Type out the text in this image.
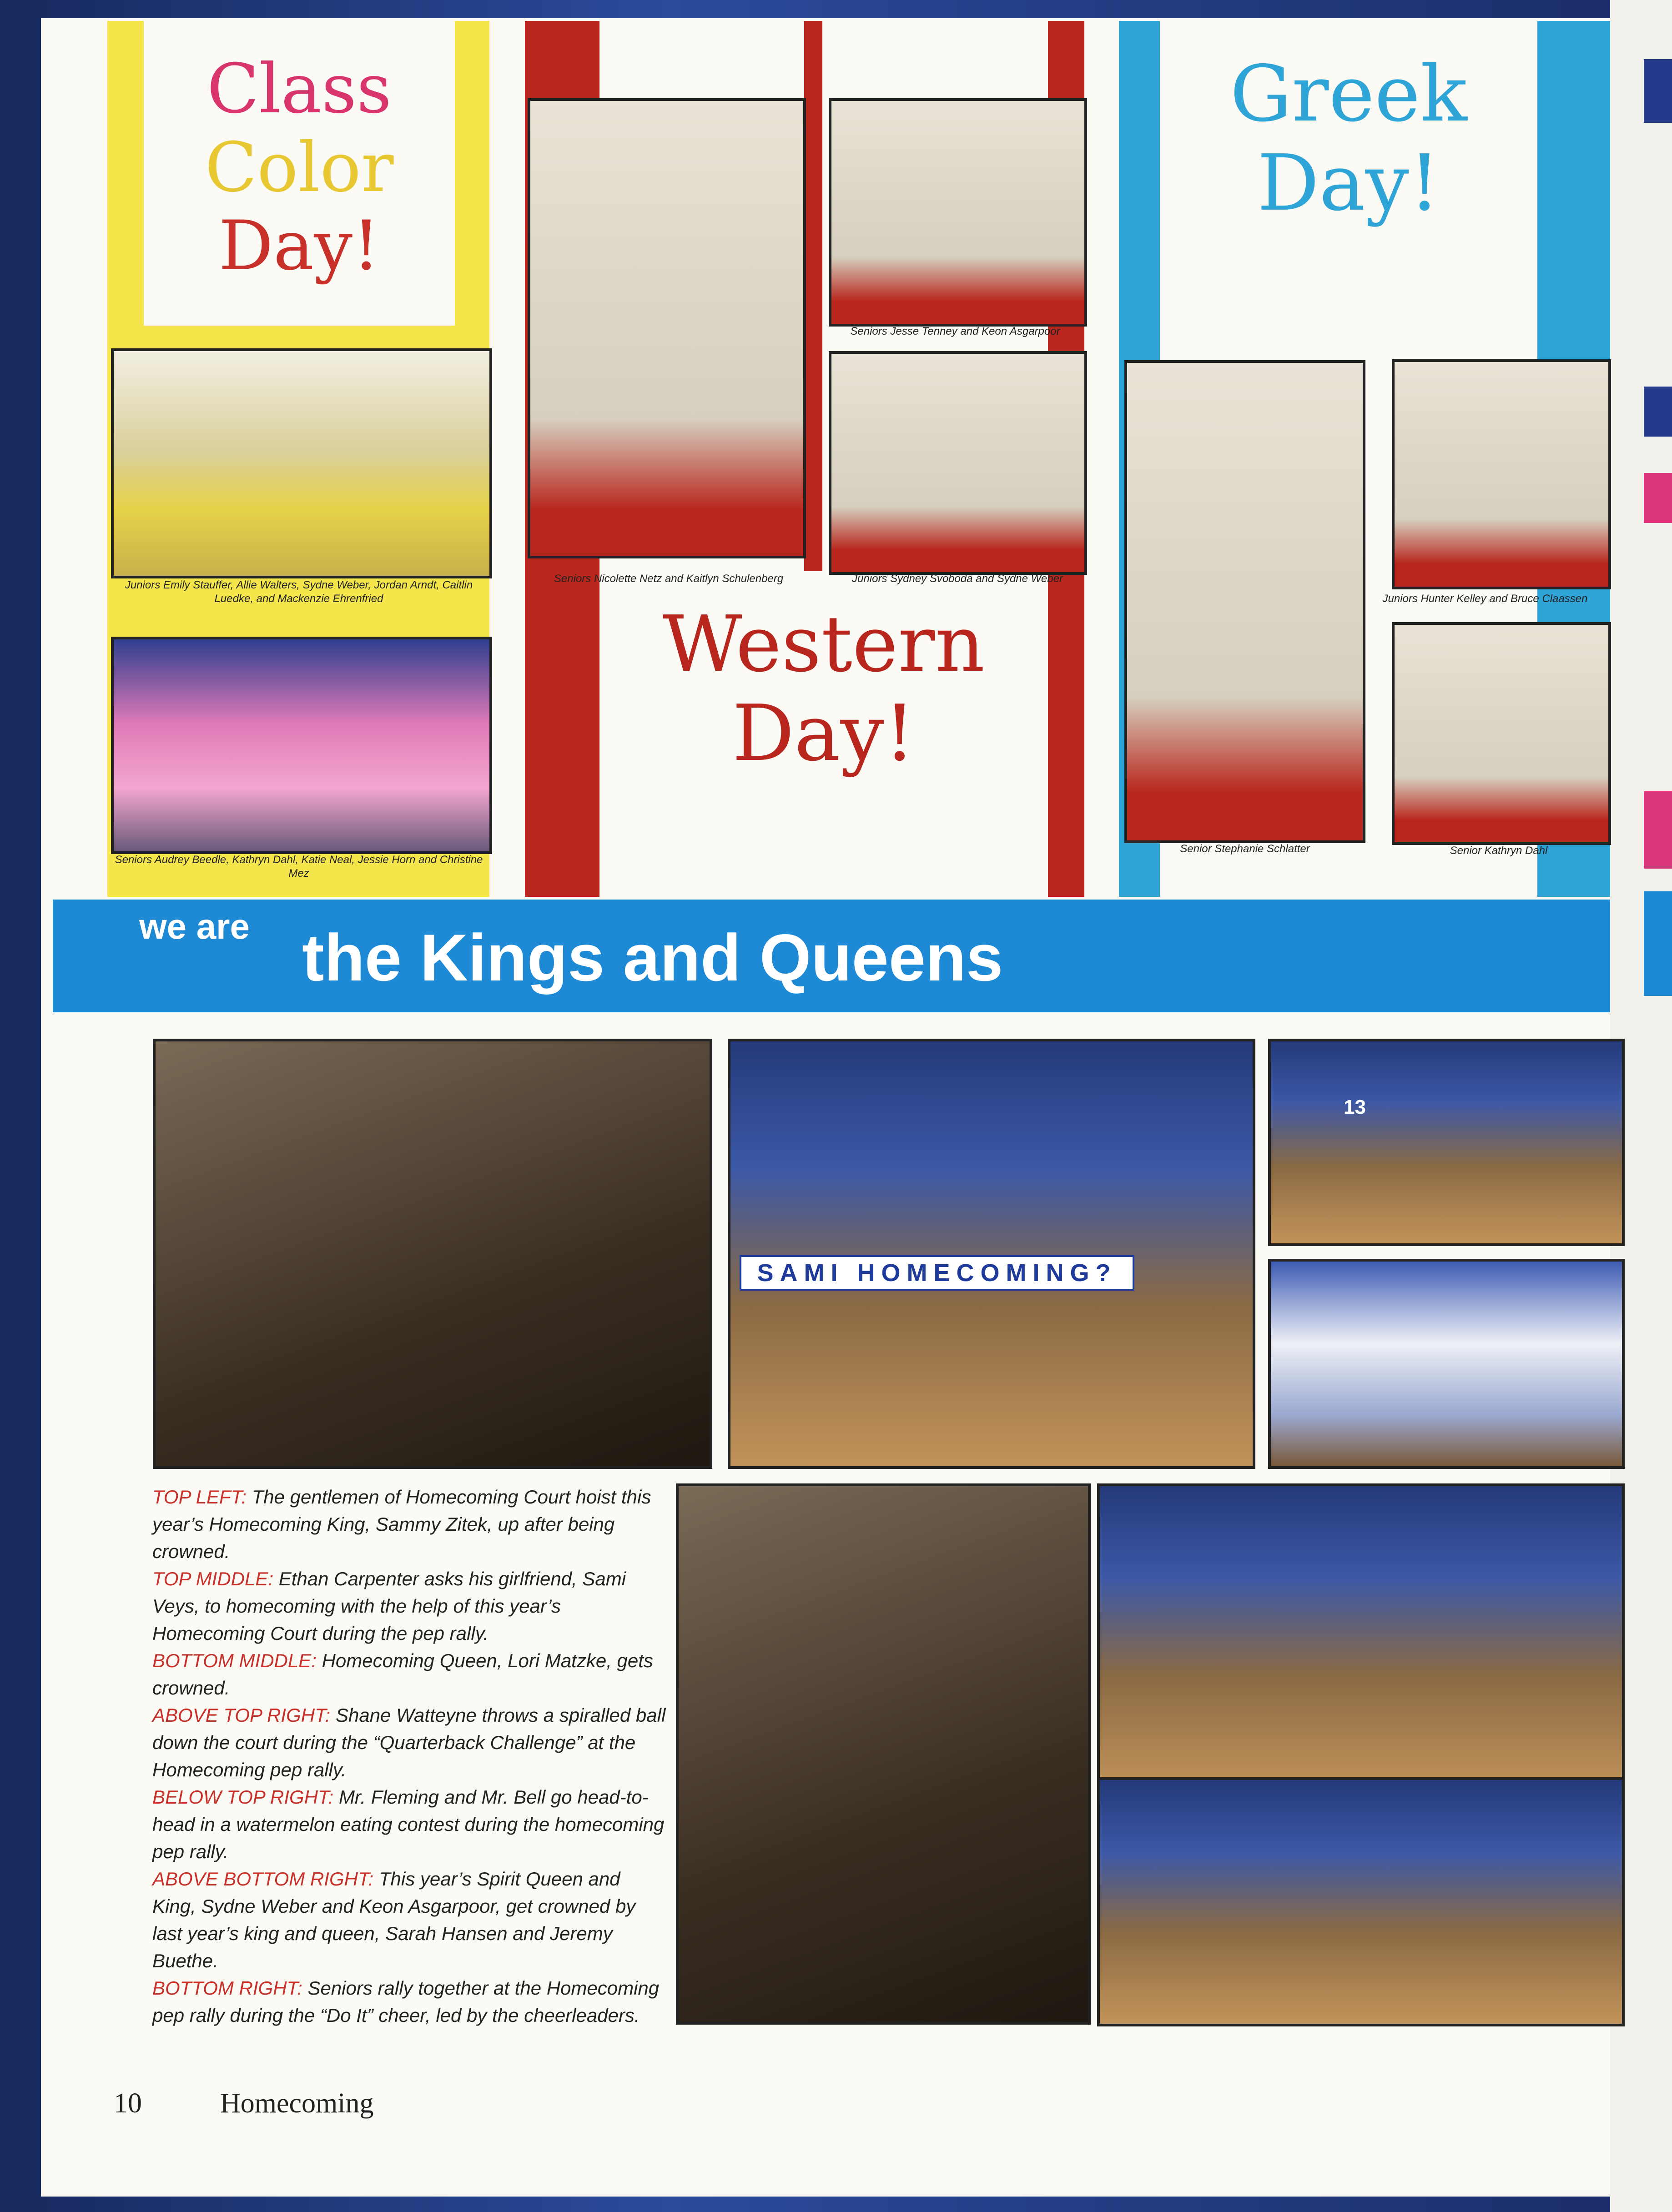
Class
Color
Day!
Juniors Emily Stauffer, Allie Walters, Sydne Weber, Jordan Arndt, Caitlin Luedke, and Mackenzie Ehrenfried
Seniors Audrey Beedle, Kathryn Dahl, Katie Neal, Jessie Horn and Christine Mez
Seniors Jesse Tenney and Keon Asgarpoor
Seniors Nicolette Netz and Kaitlyn Schulenberg	Juniors Sydney Svoboda and Sydne Weber
Western
Day!
Greek
Day!
Senior Stephanie Schlatter
Juniors Hunter Kelley and Bruce Claassen
Senior Kathryn Dahl
we are the Kings and Queens
SAMI HOMECOMING?
13
TOP LEFT: The gentlemen of Homecoming Court hoist this year’s Homecoming King, Sammy Zitek, up after being crowned.
TOP MIDDLE: Ethan Carpenter asks his girlfriend, Sami Veys, to homecoming with the help of this year’s Homecoming Court during the pep rally.
BOTTOM MIDDLE: Homecoming Queen, Lori Matzke, gets crowned.
ABOVE TOP RIGHT: Shane Watteyne throws a spiralled ball down the court during the “Quarterback Challenge” at the Homecoming pep rally.
BELOW TOP RIGHT: Mr. Fleming and Mr. Bell go head-to-head in a watermelon eating contest during the homecoming pep rally.
ABOVE BOTTOM RIGHT: This year’s Spirit Queen and King, Sydne Weber and Keon Asgarpoor, get crowned by last year’s king and queen, Sarah Hansen and Jeremy Buethe.
BOTTOM RIGHT: Seniors rally together at the Homecoming pep rally during the “Do It” cheer, led by the cheerleaders.
10	Homecoming
